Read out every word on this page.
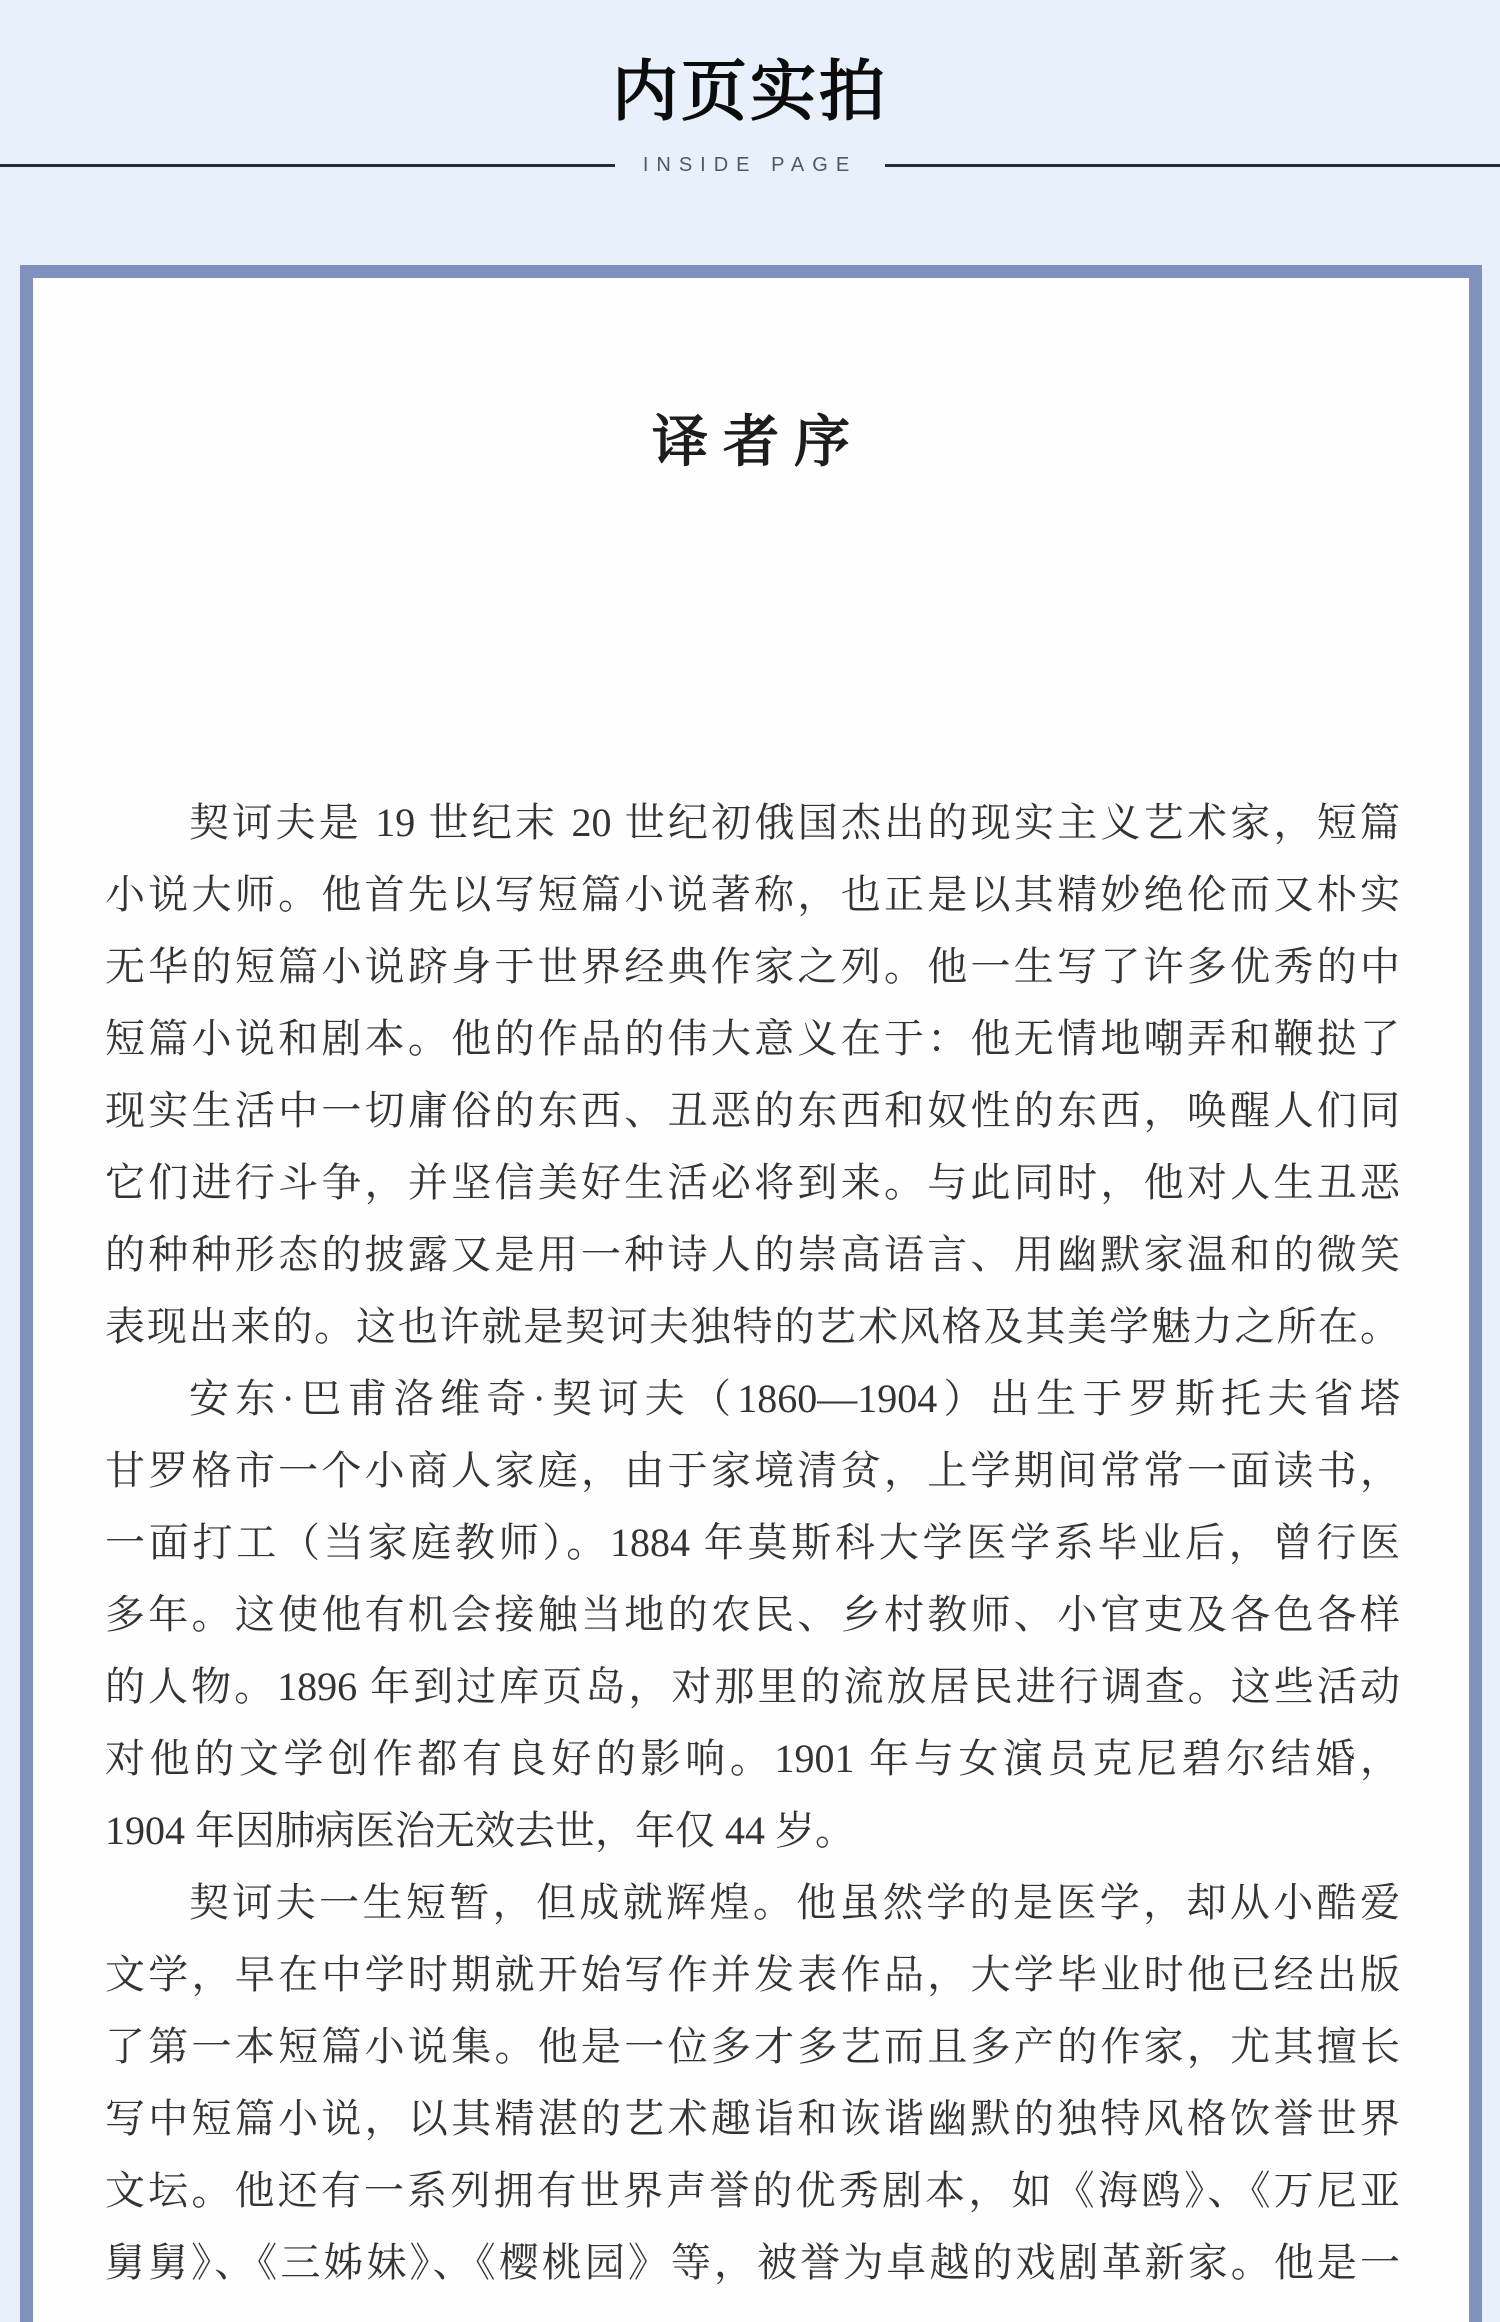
内页实拍
INSIDE PAGE
译者序
契诃夫是 19 世纪末 20 世纪初俄国杰出的现实主义艺术家，短篇
小说大师。他首先以写短篇小说著称，也正是以其精妙绝伦而又朴实
无华的短篇小说跻身于世界经典作家之列。他一生写了许多优秀的中
短篇小说和剧本。他的作品的伟大意义在于：他无情地嘲弄和鞭挞了
现实生活中一切庸俗的东西、丑恶的东西和奴性的东西，唤醒人们同
它们进行斗争，并坚信美好生活必将到来。与此同时，他对人生丑恶
的种种形态的披露又是用一种诗人的崇高语言、用幽默家温和的微笑
表现出来的。这也许就是契诃夫独特的艺术风格及其美学魅力之所在。
安东·巴甫洛维奇·契诃夫（1860—1904）出生于罗斯托夫省塔
甘罗格市一个小商人家庭，由于家境清贫，上学期间常常一面读书，
一面打工（当家庭教师）。1884 年莫斯科大学医学系毕业后，曾行医
多年。这使他有机会接触当地的农民、乡村教师、小官吏及各色各样
的人物。1896 年到过库页岛，对那里的流放居民进行调查。这些活动
对他的文学创作都有良好的影响。1901 年与女演员克尼碧尔结婚，
1904 年因肺病医治无效去世，年仅 44 岁。
契诃夫一生短暂，但成就辉煌。他虽然学的是医学，却从小酷爱
文学，早在中学时期就开始写作并发表作品，大学毕业时他已经出版
了第一本短篇小说集。他是一位多才多艺而且多产的作家，尤其擅长
写中短篇小说，以其精湛的艺术趣诣和诙谐幽默的独特风格饮誉世界
文坛。他还有一系列拥有世界声誉的优秀剧本，如《海鸥》、《万尼亚
舅舅》、《三姊妹》、《樱桃园》等，被誉为卓越的戏剧革新家。他是一
